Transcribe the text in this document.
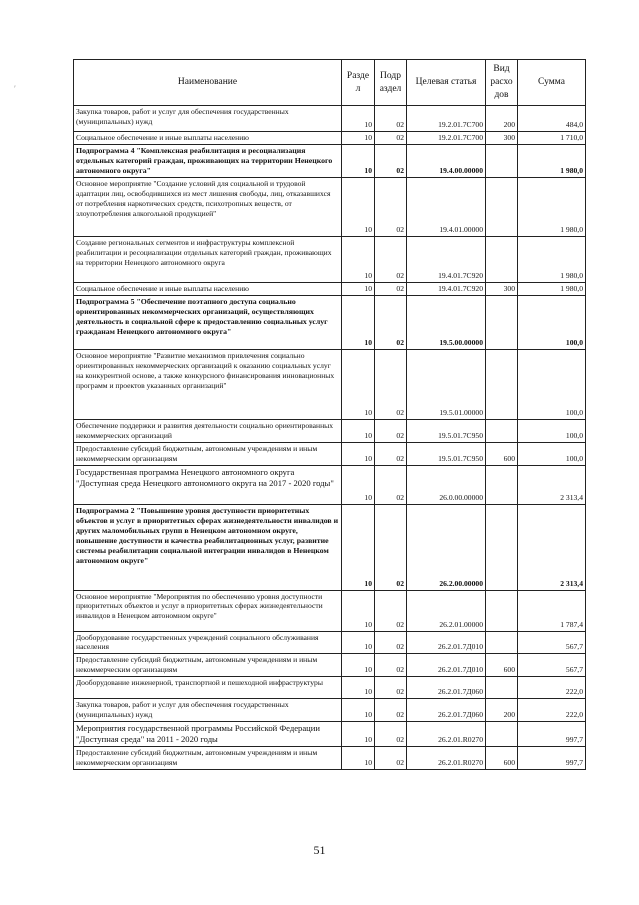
′
Наименование	Разде л	Подр аздел	Целевая статья	Вид расхо дов	Сумма
Закупка товаров, работ и услуг для обеспечения государственных (муниципальных) нужд	10	02	19.2.01.7С700	200	484,0
Социальное обеспечение и иные выплаты населению	10	02	19.2.01.7С700	300	1 710,0
Подпрограмма 4 "Комплексная реабилитация и ресоциализация отдельных категорий граждан, проживающих на территории Ненецкого автономного округа"	10	02	19.4.00.00000		1 980,0
Основное мероприятие "Создание условий для социальной и трудовой адаптации лиц, освободившихся из мест лишения свободы, лиц, отказавшихся от потребления наркотических средств, психотропных веществ, от злоупотребления алкогольной продукцией"	10	02	19.4.01.00000		1 980,0
Создание региональных сегментов и инфраструктуры комплексной реабилитации и ресоциализации отдельных категорий граждан, проживающих на территории Ненецкого автономного округа	10	02	19.4.01.7С920		1 980,0
Социальное обеспечение и иные выплаты населению	10	02	19.4.01.7С920	300	1 980,0
Подпрограмма 5 "Обеспечение поэтапного доступа социально ориентированных некоммерческих организаций, осуществляющих деятельность в социальной сфере к предоставлению социальных услуг гражданам Ненецкого автономного округа"	10	02	19.5.00.00000		100,0
Основное мероприятие "Развитие механизмов привлечения социально ориентированных некоммерческих организаций к оказанию социальных услуг на конкурентной основе, а также конкурсного финансирования инновационных программ и проектов указанных организаций"	10	02	19.5.01.00000		100,0
Обеспечение поддержки и развития деятельности социально ориентированных некоммерческих организаций	10	02	19.5.01.7С950		100,0
Предоставление субсидий бюджетным, автономным учреждениям и иным некоммерческим организациям	10	02	19.5.01.7С950	600	100,0
Государственная программа Ненецкого автономного округа "Доступная среда Ненецкого автономного округа на 2017 - 2020 годы"	10	02	26.0.00.00000		2 313,4
Подпрограмма 2 "Повышение уровня доступности приоритетных объектов и услуг в приоритетных сферах жизнедеятельности инвалидов и других маломобильных групп в Ненецком автономном округе, повышение доступности и качества реабилитационных услуг, развитие системы реабилитации социальной интеграции инвалидов в Ненецком автономном округе"	10	02	26.2.00.00000		2 313,4
Основное мероприятие "Мероприятия по обеспечению уровня доступности приоритетных объектов и услуг в приоритетных сферах жизнедеятельности инвалидов в Ненецком автономном округе"	10	02	26.2.01.00000		1 787,4
Дооборудование государственных учреждений социального обслуживания населения	10	02	26.2.01.7Д010		567,7
Предоставление субсидий бюджетным, автономным учреждениям и иным некоммерческим организациям	10	02	26.2.01.7Д010	600	567,7
Дооборудование инженерной, транспортной и пешеходной инфраструктуры	10	02	26.2.01.7Д060		222,0
Закупка товаров, работ и услуг для обеспечения государственных (муниципальных) нужд	10	02	26.2.01.7Д060	200	222,0
Мероприятия государственной программы Российской Федерации "Доступная среда" на 2011 - 2020 годы	10	02	26.2.01.R0270		997,7
Предоставление субсидий бюджетным, автономным учреждениям и иным некоммерческим организациям	10	02	26.2.01.R0270	600	997,7
51
